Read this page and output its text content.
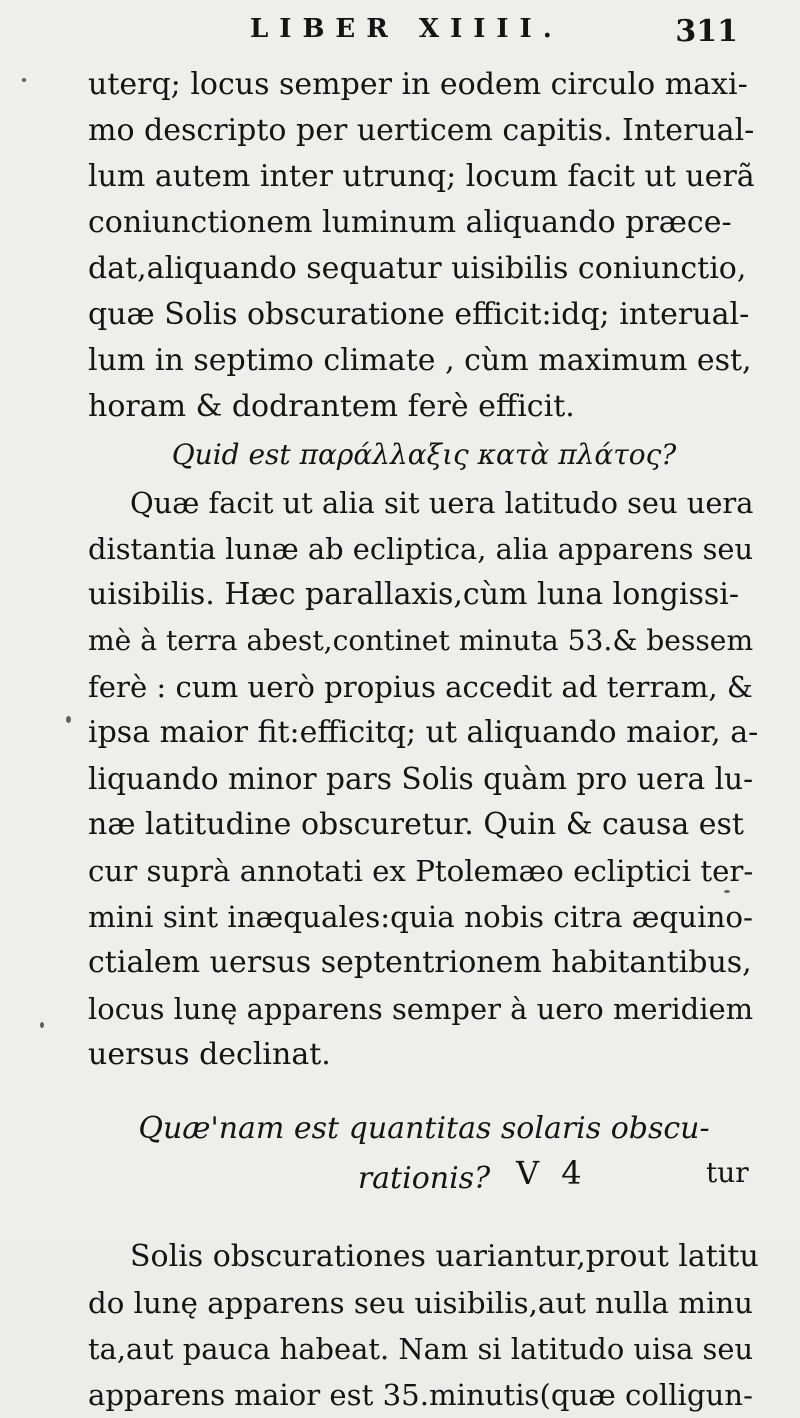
LIBER XIIII.	311
uterq; locus semper in eodem circulo maxi-
mo descripto per uerticem capitis. Interual-
lum autem inter utrunq; locum facit ut uerã
coniunctionem luminum aliquando præce-
dat,aliquando sequatur uisibilis coniunctio,
quæ Solis obscuratione efficit:idq; interual-
lum in septimo climate , cùm maximum est,
horam & dodrantem ferè efficit.
Quid est παράλλαξις κατὰ πλάτος?
Quæ facit ut alia sit uera latitudo seu uera
distantia lunæ ab ecliptica, alia apparens seu
uisibilis. Hæc parallaxis,cùm luna longissi-
mè à terra abest,continet minuta 53.& bessem
ferè : cum uerò propius accedit ad terram, &
ipsa maior fit:efficitq; ut aliquando maior, a-
liquando minor pars Solis quàm pro uera lu-
næ latitudine obscuretur. Quin & causa est
cur suprà annotati ex Ptolemæo ecliptici ter-
mini sint inæquales:quia nobis citra æquino-
ctialem uersus septentrionem habitantibus,
locus lunę apparens semper à uero meridiem
uersus declinat.
Quæ'nam est quantitas solaris obscu-
rationis?
Solis obscurationes uariantur,prout latitu
do lunę apparens seu uisibilis,aut nulla minu
ta,aut pauca habeat. Nam si latitudo uisa seu
apparens maior est 35.minutis(quæ colligun-
V 4	tur
